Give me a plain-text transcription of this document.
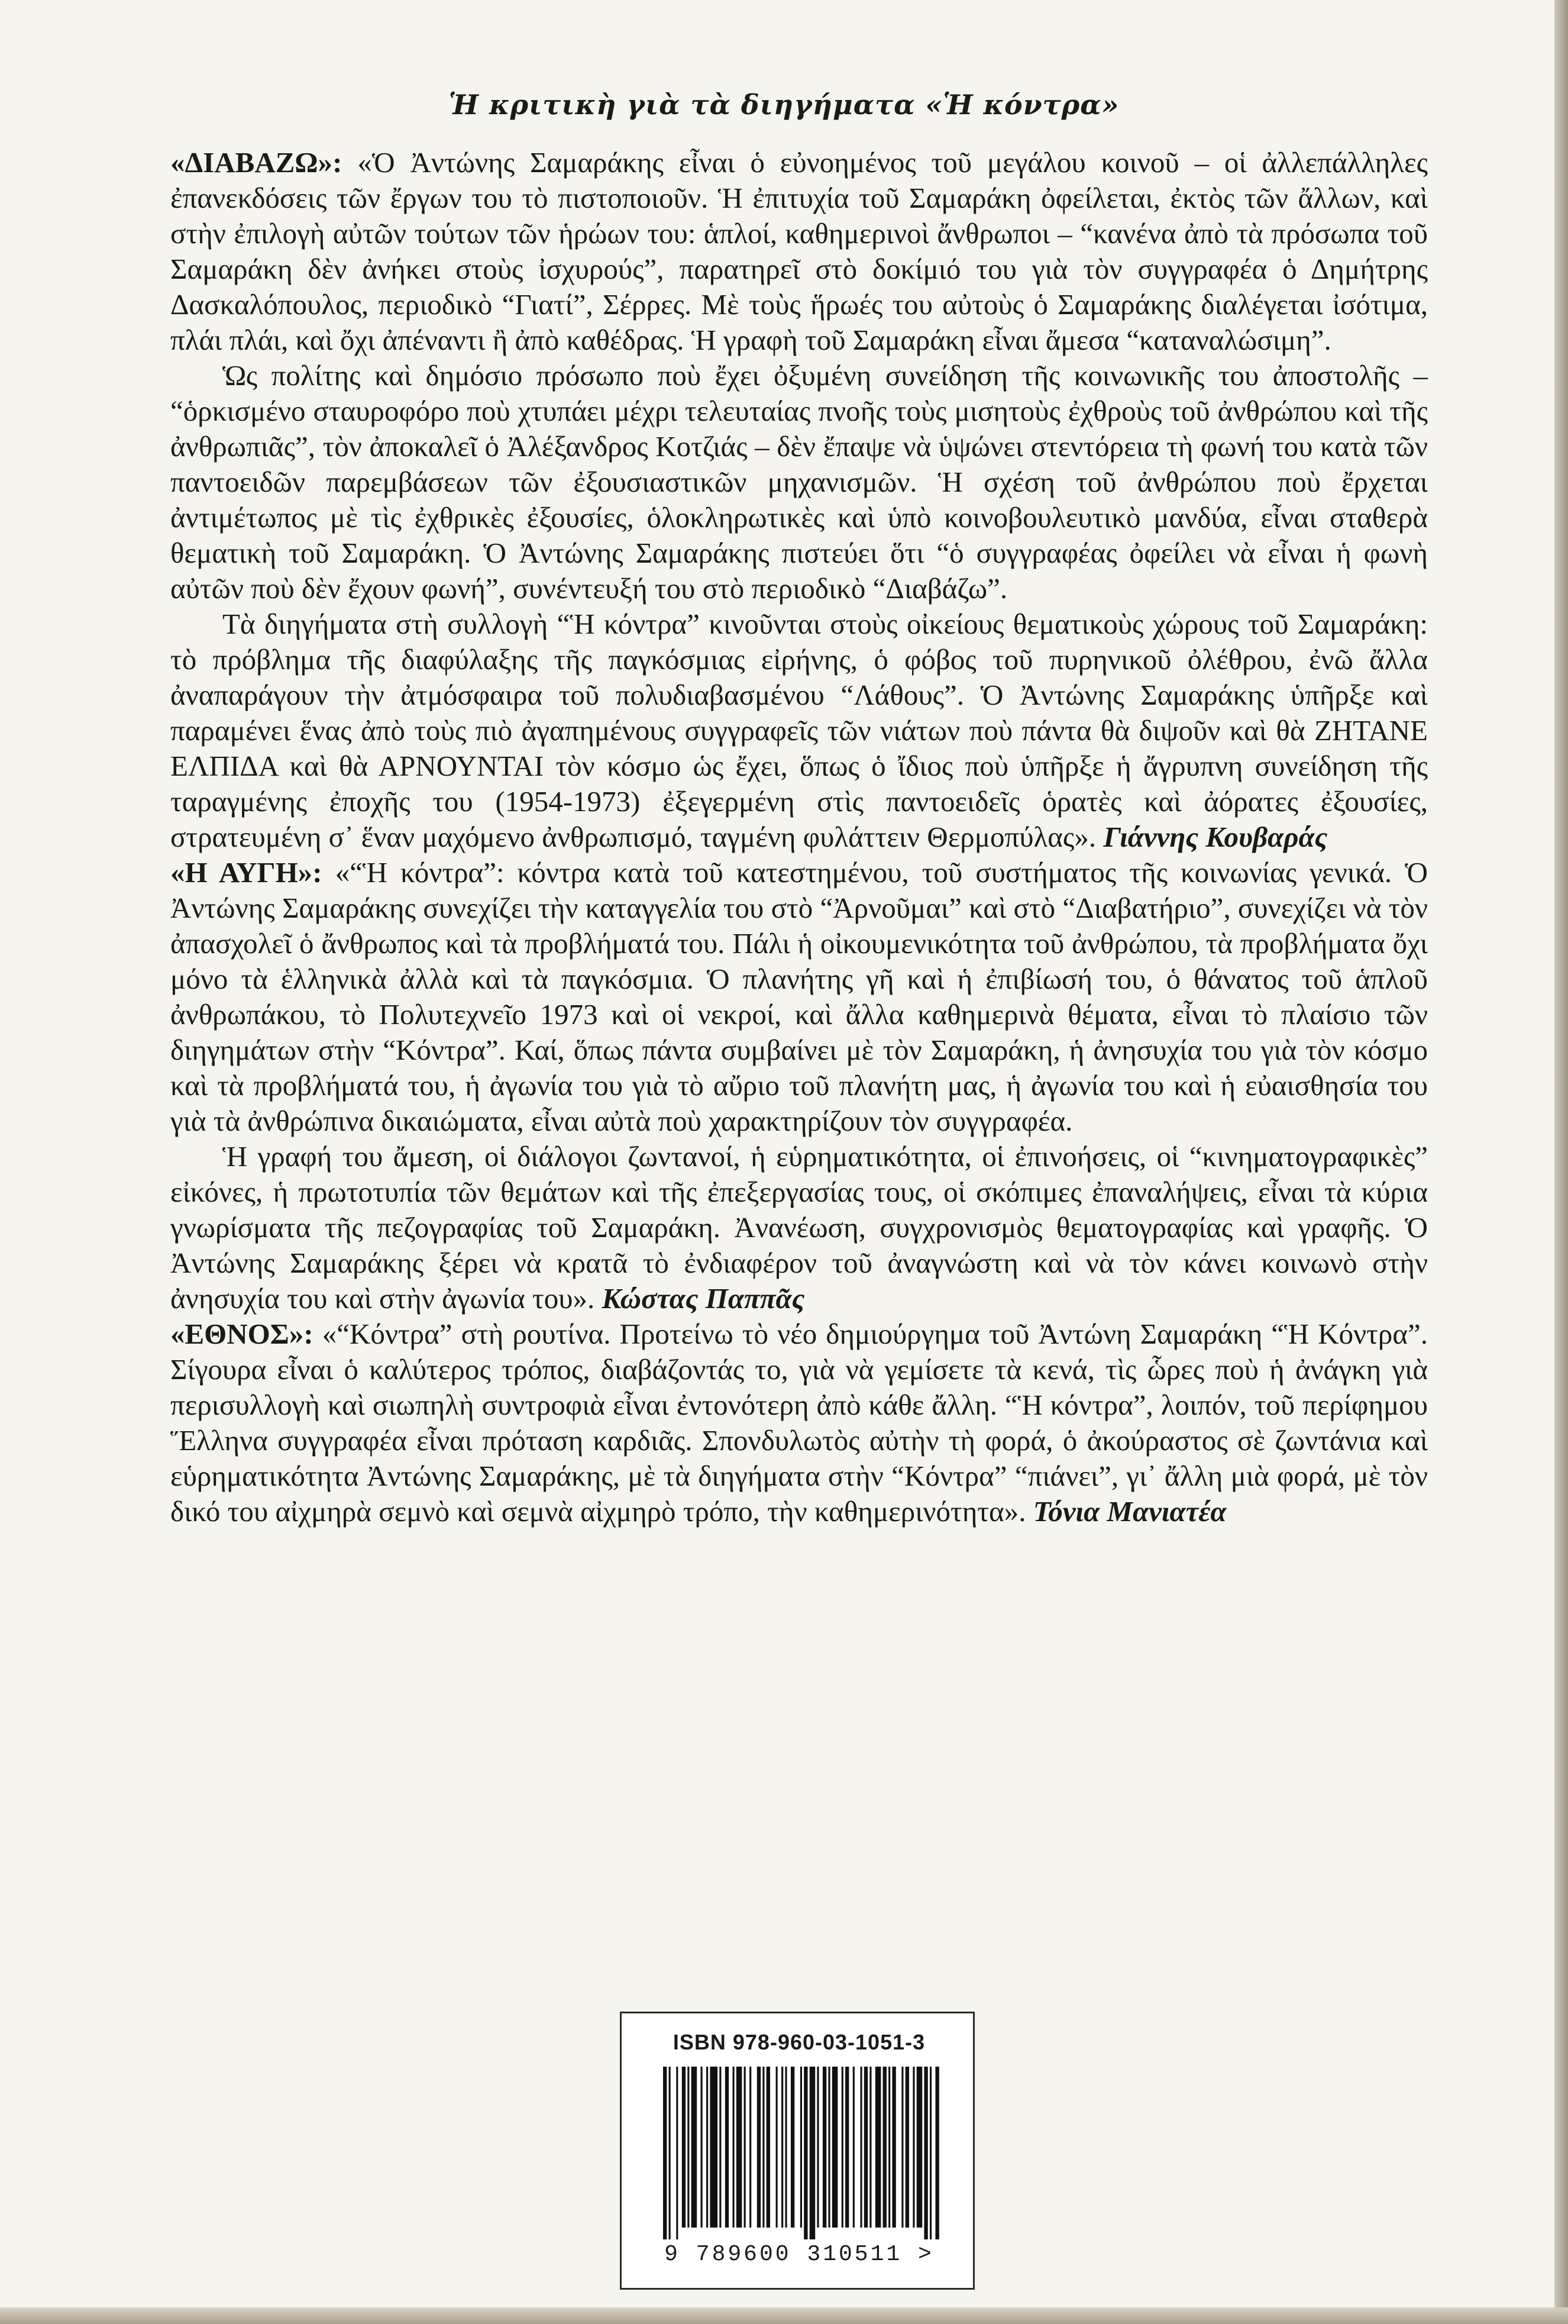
Ἡ κριτικὴ γιὰ τὰ διηγήματα «Ἡ κόντρα»

«ΔΙΑΒΑΖΩ»: «Ὁ Ἀντώνης Σαμαράκης εἶναι ὁ εὐνοημένος τοῦ μεγάλου κοινοῦ – οἱ ἀλλεπάλληλες ἐπανεκδόσεις τῶν ἔργων του τὸ πιστοποιοῦν. Ἡ ἐπιτυχία τοῦ Σαμαράκη ὀφείλεται, ἐκτὸς τῶν ἄλλων, καὶ στὴν ἐπιλογὴ αὐτῶν τούτων τῶν ἡρώων του: ἁπλοί, καθημερινοὶ ἄνθρωποι – “κανένα ἀπὸ τὰ πρόσωπα τοῦ Σαμαράκη δὲν ἀνήκει στοὺς ἰσχυρούς”, παρατηρεῖ στὸ δοκίμιό του γιὰ τὸν συγγραφέα ὁ Δημήτρης Δασκαλόπουλος, περιοδικὸ “Γιατί”, Σέρρες. Μὲ τοὺς ἥρωές του αὐτοὺς ὁ Σαμαράκης διαλέγεται ἰσότιμα, πλάι πλάι, καὶ ὄχι ἀπέναντι ἢ ἀπὸ καθέδρας. Ἡ γραφὴ τοῦ Σαμαράκη εἶναι ἄμεσα “καταναλώσιμη”.

Ὡς πολίτης καὶ δημόσιο πρόσωπο ποὺ ἔχει ὀξυμένη συνείδηση τῆς κοινωνικῆς του ἀποστολῆς – “ὁρκισμένο σταυροφόρο ποὺ χτυπάει μέχρι τελευταίας πνοῆς τοὺς μισητοὺς ἐχθροὺς τοῦ ἀνθρώπου καὶ τῆς ἀνθρωπιᾶς”, τὸν ἀποκαλεῖ ὁ Ἀλέξανδρος Κοτζιάς – δὲν ἔπαψε νὰ ὑψώνει στεντόρεια τὴ φωνή του κατὰ τῶν παντοειδῶν παρεμβάσεων τῶν ἐξουσιαστικῶν μηχανισμῶν. Ἡ σχέση τοῦ ἀνθρώπου ποὺ ἔρχεται ἀντιμέτωπος μὲ τὶς ἐχθρικὲς ἐξουσίες, ὁλοκληρωτικὲς καὶ ὑπὸ κοινοβουλευτικὸ μανδύα, εἶναι σταθερὰ θεματικὴ τοῦ Σαμαράκη. Ὁ Ἀντώνης Σαμαράκης πιστεύει ὅτι “ὁ συγγραφέας ὀφείλει νὰ εἶναι ἡ φωνὴ αὐτῶν ποὺ δὲν ἔχουν φωνή”, συνέντευξή του στὸ περιοδικὸ “Διαβάζω”.

Τὰ διηγήματα στὴ συλλογὴ “Ἡ κόντρα” κινοῦνται στοὺς οἰκείους θεματικοὺς χώρους τοῦ Σαμαράκη: τὸ πρόβλημα τῆς διαφύλαξης τῆς παγκόσμιας εἰρήνης, ὁ φόβος τοῦ πυρηνικοῦ ὀλέθρου, ἐνῶ ἄλλα ἀναπαράγουν τὴν ἀτμόσφαιρα τοῦ πολυδιαβασμένου “Λάθους”. Ὁ Ἀντώνης Σαμαράκης ὑπῆρξε καὶ παραμένει ἕνας ἀπὸ τοὺς πιὸ ἀγαπημένους συγγραφεῖς τῶν νιάτων ποὺ πάντα θὰ διψοῦν καὶ θὰ ΖΗΤΑΝΕ ΕΛΠΙΔΑ καὶ θὰ ΑΡΝΟΥΝΤΑΙ τὸν κόσμο ὡς ἔχει, ὅπως ὁ ἴδιος ποὺ ὑπῆρξε ἡ ἄγρυπνη συνείδηση τῆς ταραγμένης ἐποχῆς του (1954-1973) ἐξεγερμένη στὶς παντοειδεῖς ὁρατὲς καὶ ἀόρατες ἐξουσίες, στρατευμένη σ᾿ ἕναν μαχόμενο ἀνθρωπισμό, ταγμένη φυλάττειν Θερμοπύλας». Γιάννης Κουβαράς

«Η ΑΥΓΗ»: «“Ἡ κόντρα”: κόντρα κατὰ τοῦ κατεστημένου, τοῦ συστήματος τῆς κοινωνίας γενικά. Ὁ Ἀντώνης Σαμαράκης συνεχίζει τὴν καταγγελία του στὸ “Ἀρνοῦμαι” καὶ στὸ “Διαβατήριο”, συνεχίζει νὰ τὸν ἀπασχολεῖ ὁ ἄνθρωπος καὶ τὰ προβλήματά του. Πάλι ἡ οἰκουμενικότητα τοῦ ἀνθρώπου, τὰ προβλήματα ὄχι μόνο τὰ ἑλληνικὰ ἀλλὰ καὶ τὰ παγκόσμια. Ὁ πλανήτης γῆ καὶ ἡ ἐπιβίωσή του, ὁ θάνατος τοῦ ἁπλοῦ ἀνθρωπάκου, τὸ Πολυτεχνεῖο 1973 καὶ οἱ νεκροί, καὶ ἄλλα καθημερινὰ θέματα, εἶναι τὸ πλαίσιο τῶν διηγημάτων στὴν “Κόντρα”. Καί, ὅπως πάντα συμβαίνει μὲ τὸν Σαμαράκη, ἡ ἀνησυχία του γιὰ τὸν κόσμο καὶ τὰ προβλήματά του, ἡ ἀγωνία του γιὰ τὸ αὔριο τοῦ πλανήτη μας, ἡ ἀγωνία του καὶ ἡ εὐαισθησία του γιὰ τὰ ἀνθρώπινα δικαιώματα, εἶναι αὐτὰ ποὺ χαρακτηρίζουν τὸν συγγραφέα.

Ἡ γραφή του ἄμεση, οἱ διάλογοι ζωντανοί, ἡ εὑρηματικότητα, οἱ ἐπινοήσεις, οἱ “κινηματογραφικὲς” εἰκόνες, ἡ πρωτοτυπία τῶν θεμάτων καὶ τῆς ἐπεξεργασίας τους, οἱ σκόπιμες ἐπαναλήψεις, εἶναι τὰ κύρια γνωρίσματα τῆς πεζογραφίας τοῦ Σαμαράκη. Ἀνανέωση, συγχρονισμὸς θεματογραφίας καὶ γραφῆς. Ὁ Ἀντώνης Σαμαράκης ξέρει νὰ κρατᾶ τὸ ἐνδιαφέρον τοῦ ἀναγνώστη καὶ νὰ τὸν κάνει κοινωνὸ στὴν ἀνησυχία του καὶ στὴν ἀγωνία του». Κώστας Παππᾶς

«ΕΘΝΟΣ»: «“Κόντρα” στὴ ρουτίνα. Προτείνω τὸ νέο δημιούργημα τοῦ Ἀντώνη Σαμαράκη “Ἡ Κόντρα”. Σίγουρα εἶναι ὁ καλύτερος τρόπος, διαβάζοντάς το, γιὰ νὰ γεμίσετε τὰ κενά, τὶς ὧρες ποὺ ἡ ἀνάγκη γιὰ περισυλλογὴ καὶ σιωπηλὴ συντροφιὰ εἶναι ἐντονότερη ἀπὸ κάθε ἄλλη. “Ἡ κόντρα”, λοιπόν, τοῦ περίφημου Ἕλληνα συγγραφέα εἶναι πρόταση καρδιᾶς. Σπονδυλωτὸς αὐτὴν τὴ φορά, ὁ ἀκούραστος σὲ ζωντάνια καὶ εὑρηματικότητα Ἀντώνης Σαμαράκης, μὲ τὰ διηγήματα στὴν “Κόντρα” “πιάνει”, γι᾿ ἄλλη μιὰ φορά, μὲ τὸν δικό του αἰχμηρὰ σεμνὸ καὶ σεμνὰ αἰχμηρὸ τρόπο, τὴν καθημερινότητα». Τόνια Μανιατέα

ISBN 978-960-03-1051-3
9 789600 310511 >
